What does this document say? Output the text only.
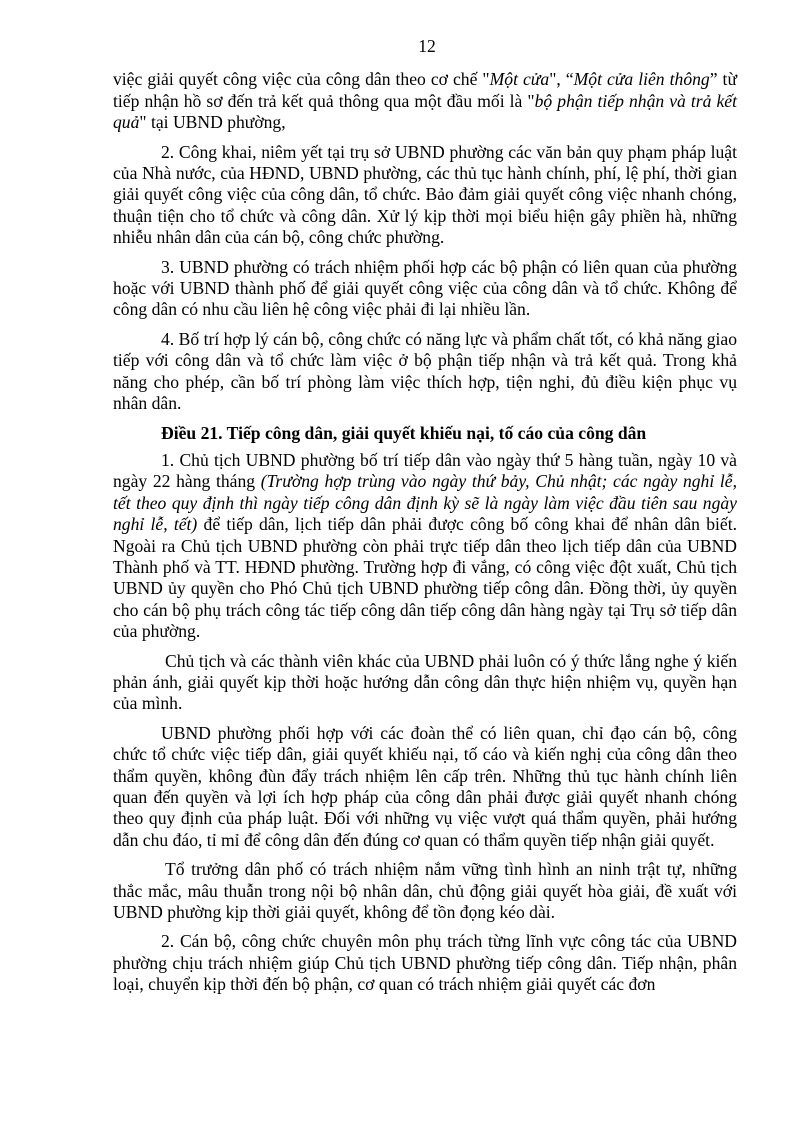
12

việc giải quyết công việc của công dân theo cơ chế "Một cửa", “Một cửa liên thông” từ tiếp nhận hồ sơ đến trả kết quả thông qua một đầu mối là "bộ phận tiếp nhận và trả kết quả" tại UBND phường,

2. Công khai, niêm yết tại trụ sở UBND phường các văn bản quy phạm pháp luật của Nhà nước, của HĐND, UBND phường, các thủ tục hành chính, phí, lệ phí, thời gian giải quyết công việc của công dân, tổ chức. Bảo đảm giải quyết công việc nhanh chóng, thuận tiện cho tổ chức và công dân. Xử lý kịp thời mọi biểu hiện gây phiền hà, những nhiễu nhân dân của cán bộ, công chức phường.

3. UBND phường có trách nhiệm phối hợp các bộ phận có liên quan của phường hoặc với UBND thành phố để giải quyết công việc của công dân và tổ chức. Không để công dân có nhu cầu liên hệ công việc phải đi lại nhiều lần.

4. Bố trí hợp lý cán bộ, công chức có năng lực và phẩm chất tốt, có khả năng giao tiếp với công dân và tổ chức làm việc ở bộ phận tiếp nhận và trả kết quả. Trong khả năng cho phép, cần bố trí phòng làm việc thích hợp, tiện nghi, đủ điều kiện phục vụ nhân dân.

Điều 21. Tiếp công dân, giải quyết khiếu nại, tố cáo của công dân

1. Chủ tịch UBND phường bố trí tiếp dân vào ngày thứ 5 hàng tuần, ngày 10 và ngày 22 hàng tháng (Trường hợp trùng vào ngày thứ bảy, Chủ nhật; các ngày nghỉ lễ, tết theo quy định thì ngày tiếp công dân định kỳ sẽ là ngày làm việc đầu tiên sau ngày nghỉ lễ, tết) để tiếp dân, lịch tiếp dân phải được công bố công khai để nhân dân biết. Ngoài ra Chủ tịch UBND phường còn phải trực tiếp dân theo lịch tiếp dân của UBND Thành phố và TT. HĐND phường. Trường hợp đi vắng, có công việc đột xuất, Chủ tịch UBND ủy quyền cho Phó Chủ tịch UBND phường tiếp công dân. Đồng thời, ủy quyền cho cán bộ phụ trách công tác tiếp công dân tiếp công dân hàng ngày tại Trụ sở tiếp dân của phường.

Chủ tịch và các thành viên khác của UBND phải luôn có ý thức lắng nghe ý kiến phản ánh, giải quyết kịp thời hoặc hướng dẫn công dân thực hiện nhiệm vụ, quyền hạn của mình.

UBND phường phối hợp với các đoàn thể có liên quan, chỉ đạo cán bộ, công chức tổ chức việc tiếp dân, giải quyết khiếu nại, tố cáo và kiến nghị của công dân theo thẩm quyền, không đùn đẩy trách nhiệm lên cấp trên. Những thủ tục hành chính liên quan đến quyền và lợi ích hợp pháp của công dân phải được giải quyết nhanh chóng theo quy định của pháp luật. Đối với những vụ việc vượt quá thẩm quyền, phải hướng dẫn chu đáo, tỉ mỉ để công dân đến đúng cơ quan có thẩm quyền tiếp nhận giải quyết.

Tổ trưởng dân phố có trách nhiệm nắm vững tình hình an ninh trật tự, những thắc mắc, mâu thuẫn trong nội bộ nhân dân, chủ động giải quyết hòa giải, đề xuất với UBND phường kịp thời giải quyết, không để tồn đọng kéo dài.

2. Cán bộ, công chức chuyên môn phụ trách từng lĩnh vực công tác của UBND phường chịu trách nhiệm giúp Chủ tịch UBND phường tiếp công dân. Tiếp nhận, phân loại, chuyển kịp thời đến bộ phận, cơ quan có trách nhiệm giải quyết các đơn
